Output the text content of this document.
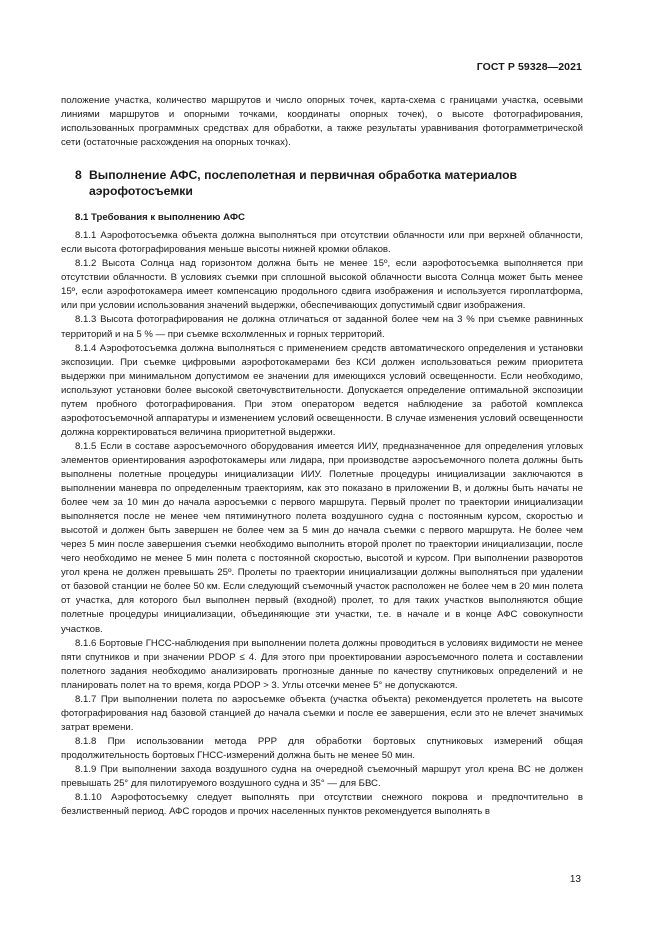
ГОСТ Р 59328—2021

положение участка, количество маршрутов и число опорных точек, карта-схема с границами участка, осевыми линиями маршрутов и опорными точками, координаты опорных точек), о высоте фотографирования, использованных программных средствах для обработки, а также результаты уравнивания фотограмметрической сети (остаточные расхождения на опорных точках).

8 Выполнение АФС, послеполетная и первичная обработка материалов аэрофотосъемки
8.1 Требования к выполнению АФС

8.1.1 Аэрофотосъемка объекта должна выполняться при отсутствии облачности или при верхней облачности, если высота фотографирования меньше высоты нижней кромки облаков.

8.1.2 Высота Солнца над горизонтом должна быть не менее 15º, если аэрофотосъемка выполняется при отсутствии облачности. В условиях съемки при сплошной высокой облачности высота Солнца может быть менее 15º, если аэрофотокамера имеет компенсацию продольного сдвига изображения и используется гироплатформа, или при условии использования значений выдержки, обеспечивающих допустимый сдвиг изображения.

8.1.3 Высота фотографирования не должна отличаться от заданной более чем на 3 % при съемке равнинных территорий и на 5 % — при съемке всхолмленных и горных территорий.

8.1.4 Аэрофотосъемка должна выполняться с применением средств автоматического определения и установки экспозиции. При съемке цифровыми аэрофотокамерами без КСИ должен использоваться режим приоритета выдержки при минимальном допустимом ее значении для имеющихся условий освещенности. Если необходимо, используют установки более высокой светочувствительности. Допускается определение оптимальной экспозиции путем пробного фотографирования. При этом оператором ведется наблюдение за работой комплекса аэрофотосъемочной аппаратуры и изменением условий освещенности. В случае изменения условий освещенности должна корректироваться величина приоритетной выдержки.

8.1.5 Если в составе аэросъемочного оборудования имеется ИИУ, предназначенное для определения угловых элементов ориентирования аэрофотокамеры или лидара, при производстве аэросъемочного полета должны быть выполнены полетные процедуры инициализации ИИУ. Полетные процедуры инициализации заключаются в выполнении маневра по определенным траекториям, как это показано в приложении В, и должны быть начаты не более чем за 10 мин до начала аэросъемки с первого маршрута. Первый пролет по траектории инициализации выполняется после не менее чем пятиминутного полета воздушного судна с постоянным курсом, скоростью и высотой и должен быть завершен не более чем за 5 мин до начала съемки с первого маршрута. Не более чем через 5 мин после завершения съемки необходимо выполнить второй пролет по траектории инициализации, после чего необходимо не менее 5 мин полета с постоянной скоростью, высотой и курсом. При выполнении разворотов угол крена не должен превышать 25º. Пролеты по траектории инициализации должны выполняться при удалении от базовой станции не более 50 км. Если следующий съемочный участок расположен не более чем в 20 мин полета от участка, для которого был выполнен первый (входной) пролет, то для таких участков выполняются общие полетные процедуры инициализации, объединяющие эти участки, т.е. в начале и в конце АФС совокупности участков.

8.1.6 Бортовые ГНСС-наблюдения при выполнении полета должны проводиться в условиях видимости не менее пяти спутников и при значении PDOP ≤ 4. Для этого при проектировании аэросъемочного полета и составлении полетного задания необходимо анализировать прогнозные данные по качеству спутниковых определений и не планировать полет на то время, когда PDOP > 3. Углы отсечки менее 5° не допускаются.

8.1.7 При выполнении полета по аэросъемке объекта (участка объекта) рекомендуется пролететь на высоте фотографирования над базовой станцией до начала съемки и после ее завершения, если это не влечет значимых затрат времени.

8.1.8 При использовании метода PPP для обработки бортовых спутниковых измерений общая продолжительность бортовых ГНСС-измерений должна быть не менее 50 мин.

8.1.9 При выполнении захода воздушного судна на очередной съемочный маршрут угол крена ВС не должен превышать 25° для пилотируемого воздушного судна и 35° — для БВС.

8.1.10 Аэрофотосъемку следует выполнять при отсутствии снежного покрова и предпочтительно в безлиственный период. АФС городов и прочих населенных пунктов рекомендуется выполнять в

13
